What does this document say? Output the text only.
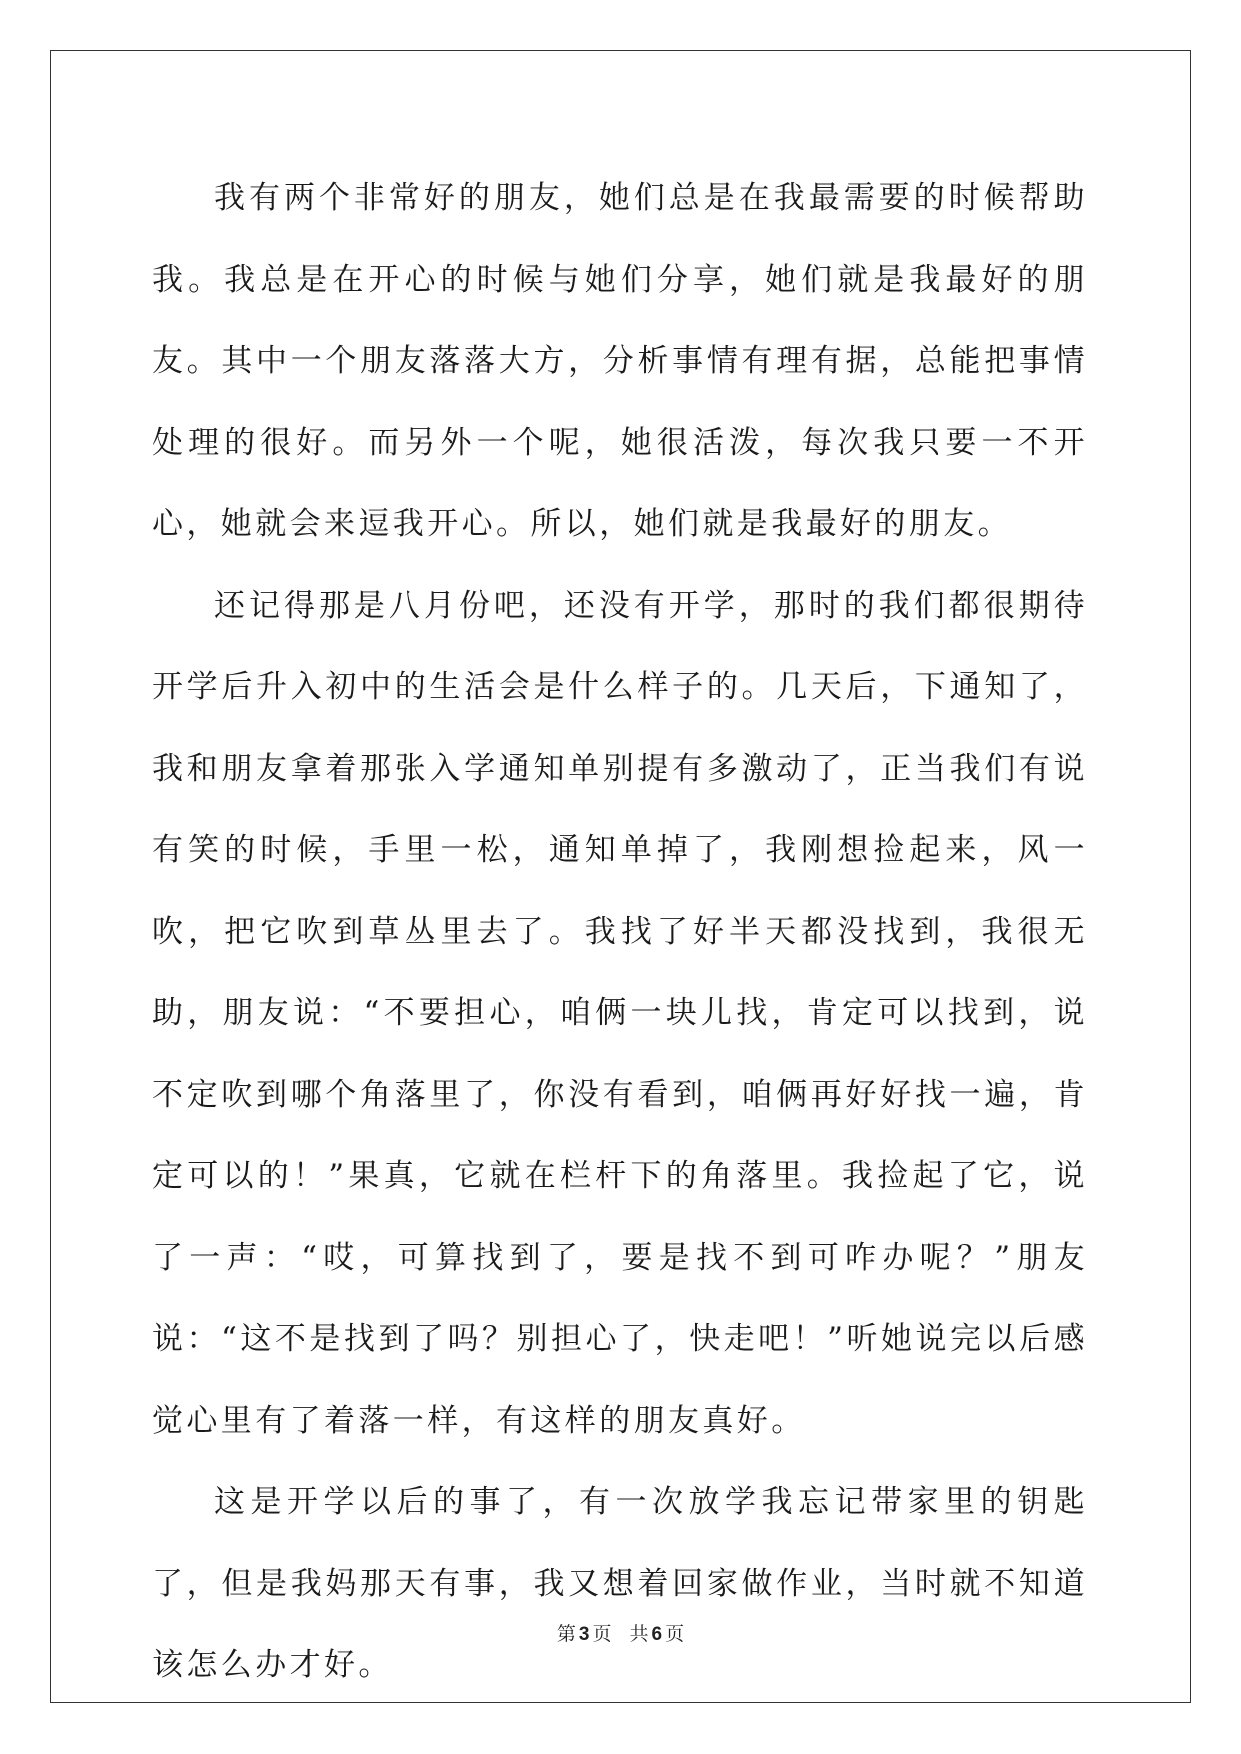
我有两个非常好的朋友，她们总是在我最需要的时候帮助我。我总是在开心的时候与她们分享，她们就是我最好的朋友。其中一个朋友落落大方，分析事情有理有据，总能把事情处理的很好。而另外一个呢，她很活泼，每次我只要一不开心，她就会来逗我开心。所以，她们就是我最好的朋友。

还记得那是八月份吧，还没有开学，那时的我们都很期待开学后升入初中的生活会是什么样子的。几天后，下通知了，我和朋友拿着那张入学通知单别提有多激动了，正当我们有说有笑的时候，手里一松，通知单掉了，我刚想捡起来，风一吹，把它吹到草丛里去了。我找了好半天都没找到，我很无助，朋友说：“不要担心，咱俩一块儿找，肯定可以找到，说不定吹到哪个角落里了，你没有看到，咱俩再好好找一遍，肯定可以的！”果真，它就在栏杆下的角落里。我捡起了它，说了一声：“哎，可算找到了，要是找不到可咋办呢？”朋友说：“这不是找到了吗？别担心了，快走吧！”听她说完以后感觉心里有了着落一样，有这样的朋友真好。

这是开学以后的事了，有一次放学我忘记带家里的钥匙了，但是我妈那天有事，我又想着回家做作业，当时就不知道该怎么办才好。

第 3 页 共 6 页
